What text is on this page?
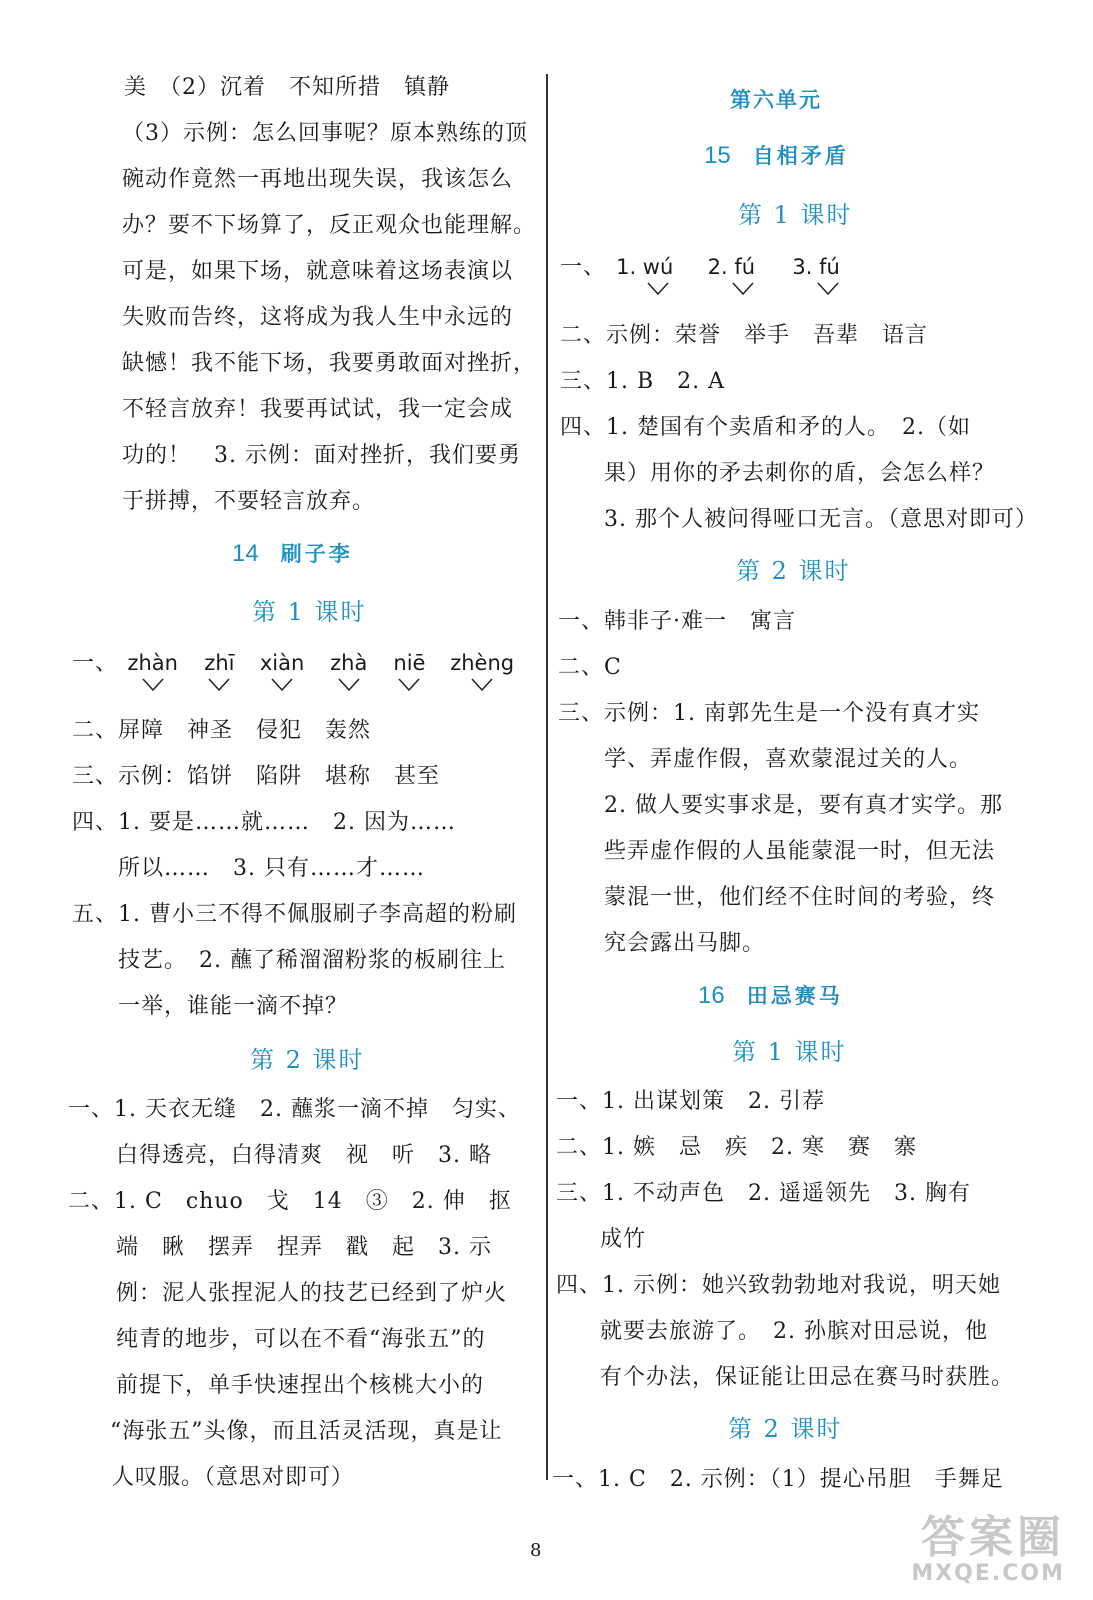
美　（2）沉着　不知所措　镇静
（3）示例：怎么回事呢？原本熟练的顶
碗动作竟然一再地出现失误，我该怎么
办？要不下场算了，反正观众也能理解。
可是，如果下场，就意味着这场表演以
失败而告终，这将成为我人生中永远的
缺憾！我不能下场，我要勇敢面对挫折，
不轻言放弃！我要再试试，我一定会成
功的！　3. 示例：面对挫折，我们要勇
于拼搏，不要轻言放弃。
14 刷子李
第 1 课时
一、 zhàn zhī xiàn zhà niē zhèng
二、屏障　神圣　侵犯　轰然
三、示例：馅饼　陷阱　堪称　甚至
四、1. 要是……就……　2. 因为……
所以……　3. 只有……才……
五、1. 曹小三不得不佩服刷子李高超的粉刷
技艺。　2. 蘸了稀溜溜粉浆的板刷往上
一举，谁能一滴不掉？
第 2 课时
一、1. 天衣无缝　2. 蘸浆一滴不掉　匀实、
白得透亮，白得清爽　视　听　3. 略
二、1. C　chuo　戈　14　③　2. 伸　抠
端　瞅　摆弄　捏弄　戳　起　3. 示
例：泥人张捏泥人的技艺已经到了炉火
纯青的地步，可以在不看“海张五”的
前提下，单手快速捏出个核桃大小的
“海张五”头像，而且活灵活现，真是让
人叹服。（意思对即可）
第六单元
15 自相矛盾
第 1 课时
一、 1. wú 2. fú 3. fú
二、示例：荣誉　举手　吾辈　语言
三、1. B　2. A
四、1. 楚国有个卖盾和矛的人。　2.（如
果）用你的矛去刺你的盾，会怎么样？
3. 那个人被问得哑口无言。（意思对即可）
第 2 课时
一、韩非子·难一　寓言
二、C
三、示例：1. 南郭先生是一个没有真才实
学、弄虚作假，喜欢蒙混过关的人。
2. 做人要实事求是，要有真才实学。那
些弄虚作假的人虽能蒙混一时，但无法
蒙混一世，他们经不住时间的考验，终
究会露出马脚。
16 田忌赛马
第 1 课时
一、1. 出谋划策　2. 引荐
二、1. 嫉　忌　疾　2. 寒　赛　寨
三、1. 不动声色　2. 遥遥领先　3. 胸有
成竹
四、1. 示例：她兴致勃勃地对我说，明天她
就要去旅游了。　2. 孙膑对田忌说，他
有个办法，保证能让田忌在赛马时获胜。
第 2 课时
一、1. C　2. 示例：（1）提心吊胆　手舞足
8	答案圈
MXQE.COM
